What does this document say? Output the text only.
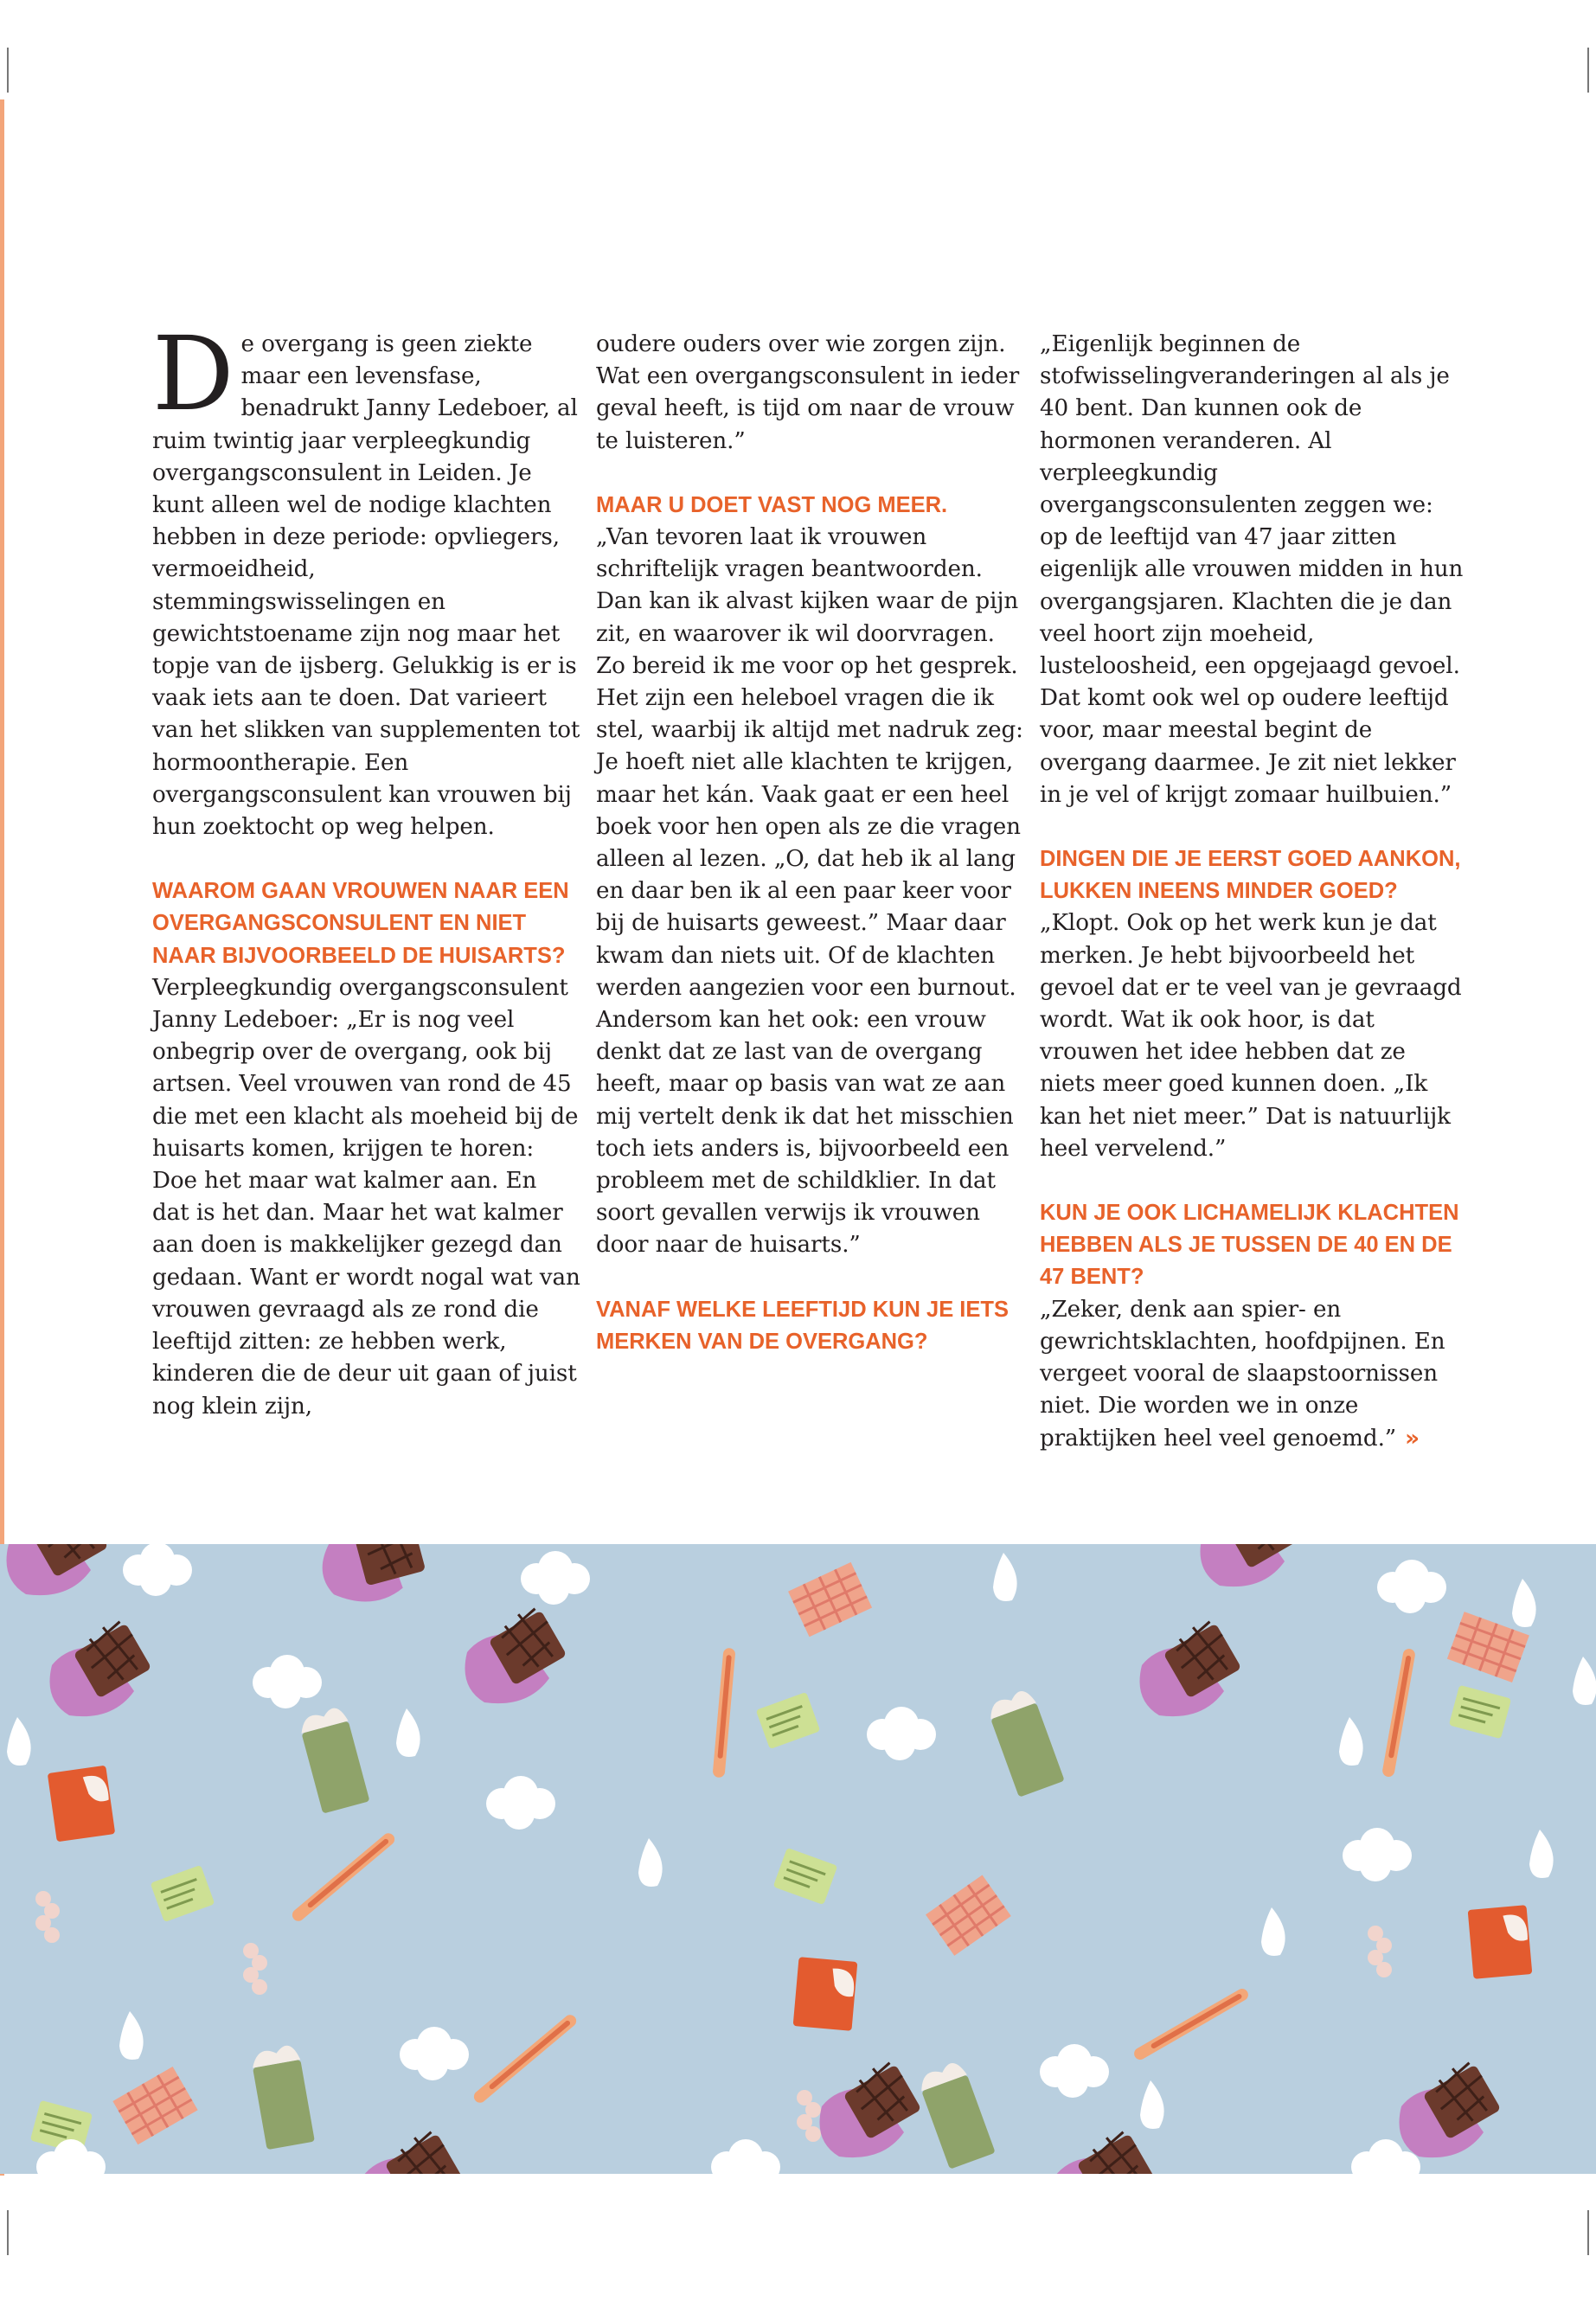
De overgang is geen ziekte maar een levensfase, benadrukt Janny Ledeboer, al ruim twintig jaar verpleegkundig overgangsconsulent in Leiden. Je kunt alleen wel de nodige klachten hebben in deze periode: opvliegers, vermoeidheid, stemmingswisselingen en gewichtstoename zijn nog maar het topje van de ijsberg. Gelukkig is er is vaak iets aan te doen. Dat varieert van het slikken van supplementen tot hormoontherapie. Een overgangsconsulent kan vrouwen bij hun zoektocht op weg helpen.

WAAROM GAAN VROUWEN NAAR EEN OVERGANGSCONSULENT EN NIET NAAR BIJVOORBEELD DE HUISARTS?

Verpleegkundig overgangsconsulent Janny Ledeboer: „Er is nog veel onbegrip over de overgang, ook bij artsen. Veel vrouwen van rond de 45 die met een klacht als moeheid bij de huisarts komen, krijgen te horen: Doe het maar wat kalmer aan. En dat is het dan. Maar het wat kalmer aan doen is makkelijker gezegd dan gedaan. Want er wordt nogal wat van vrouwen gevraagd als ze rond die leeftijd zitten: ze hebben werk, kinderen die de deur uit gaan of juist nog klein zijn,

oudere ouders over wie zorgen zijn. Wat een overgangsconsulent in ieder geval heeft, is tijd om naar de vrouw te luisteren.”

MAAR U DOET VAST NOG MEER.

„Van tevoren laat ik vrouwen schriftelijk vragen beantwoorden. Dan kan ik alvast kijken waar de pijn zit, en waarover ik wil doorvragen. Zo bereid ik me voor op het gesprek. Het zijn een heleboel vragen die ik stel, waarbij ik altijd met nadruk zeg: Je hoeft niet alle klachten te krijgen, maar het kán. Vaak gaat er een heel boek voor hen open als ze die vragen alleen al lezen. „O, dat heb ik al lang en daar ben ik al een paar keer voor bij de huisarts geweest.” Maar daar kwam dan niets uit. Of de klachten werden aangezien voor een burnout.

Andersom kan het ook: een vrouw denkt dat ze last van de overgang heeft, maar op basis van wat ze aan mij vertelt denk ik dat het misschien toch iets anders is, bijvoorbeeld een probleem met de schildklier. In dat soort gevallen verwijs ik vrouwen door naar de huisarts.”

VANAF WELKE LEEFTIJD KUN JE IETS MERKEN VAN DE OVERGANG?

„Eigenlijk beginnen de stofwisselingveranderingen al als je 40 bent. Dan kunnen ook de hormonen veranderen. Al verpleegkundig overgangsconsulenten zeggen we: op de leeftijd van 47 jaar zitten eigenlijk alle vrouwen midden in hun overgangsjaren. Klachten die je dan veel hoort zijn moeheid, lusteloosheid, een opgejaagd gevoel. Dat komt ook wel op oudere leeftijd voor, maar meestal begint de overgang daarmee. Je zit niet lekker in je vel of krijgt zomaar huilbuien.”

DINGEN DIE JE EERST GOED AANKON, LUKKEN INEENS MINDER GOED?

„Klopt. Ook op het werk kun je dat merken. Je hebt bijvoorbeeld het gevoel dat er te veel van je gevraagd wordt. Wat ik ook hoor, is dat vrouwen het idee hebben dat ze niets meer goed kunnen doen. „Ik kan het niet meer.” Dat is natuurlijk heel vervelend.”

KUN JE OOK LICHAMELIJK KLACHTEN HEBBEN ALS JE TUSSEN DE 40 EN DE 47 BENT?

„Zeker, denk aan spier- en gewrichtsklachten, hoofdpijnen. En vergeet vooral de slaapstoornissen niet. Die worden we in onze praktijken heel veel genoemd.” »
